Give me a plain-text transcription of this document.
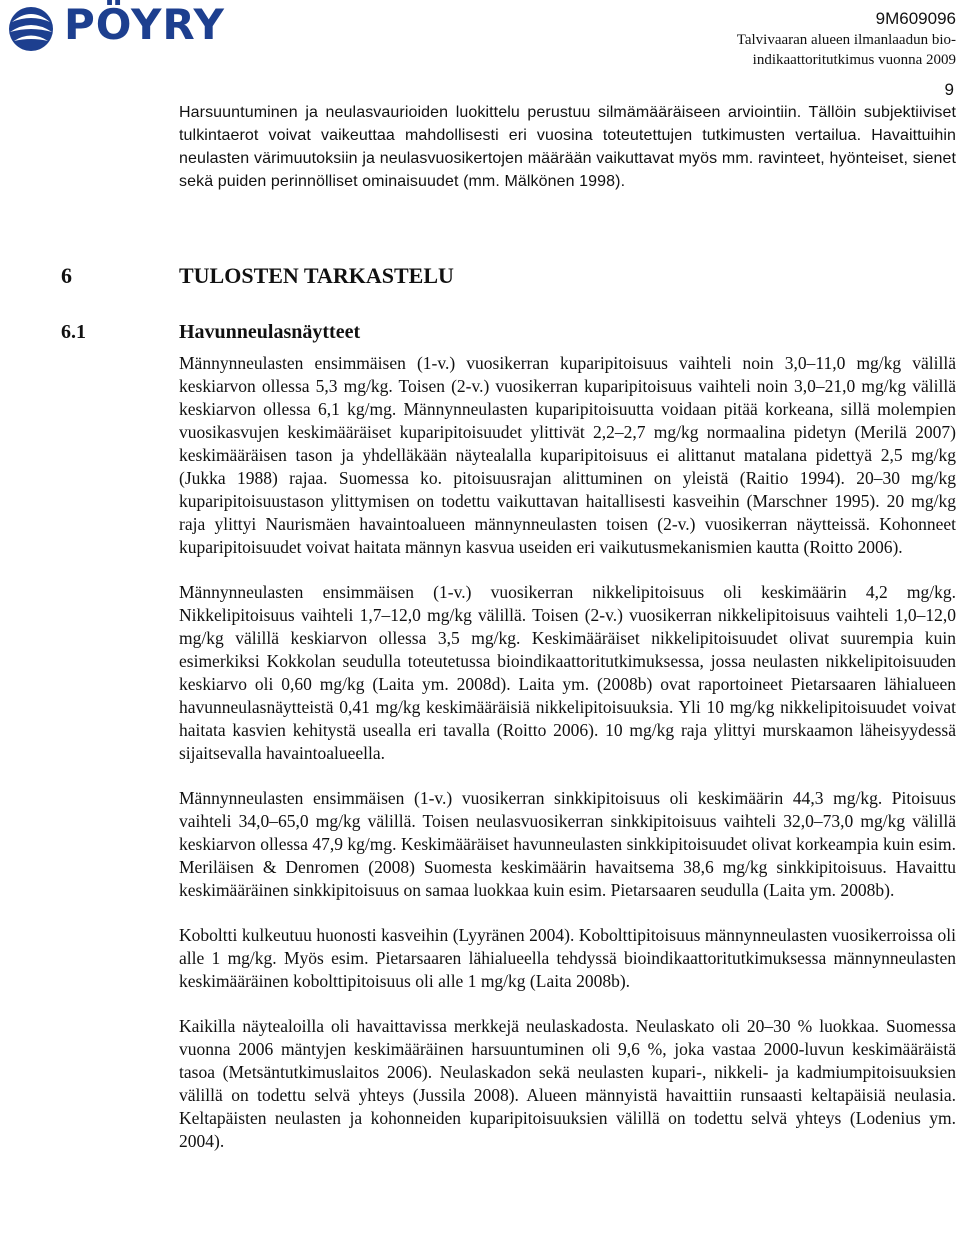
PÖYRY	9M609096
Talvivaaran alueen ilmanlaadun bio-
indikaattoritutkimus vuonna 2009
9

Harsuuntuminen ja neulasvaurioiden luokittelu perustuu silmämääräiseen arviointiin. Tällöin subjektiiviset tulkintaerot voivat vaikeuttaa mahdollisesti eri vuosina toteutettujen tutkimusten vertailua. Havaittuihin neulasten värimuutoksiin ja neulasvuosikertojen määrään vaikuttavat myös mm. ravinteet, hyönteiset, sienet sekä puiden perinnölliset ominaisuudet (mm. Mälkönen 1998).

6	TULOSTEN TARKASTELU
6.1	Havunneulasnäytteet

Männynneulasten ensimmäisen (1-v.) vuosikerran kuparipitoisuus vaihteli noin 3,0‒11,0 mg/kg välillä keskiarvon ollessa 5,3 mg/kg. Toisen (2-v.) vuosikerran kuparipitoisuus vaihteli noin 3,0‒21,0 mg/kg välillä keskiarvon ollessa 6,1 kg/mg. Männynneulasten kuparipitoisuutta voidaan pitää korkeana, sillä molempien vuosikasvujen keskimääräiset kuparipitoisuudet ylittivät 2,2‒2,7 mg/kg normaalina pidetyn (Merilä 2007) keskimääräisen tason ja yhdelläkään näytealalla kuparipitoisuus ei alittanut matalana pidettyä 2,5 mg/kg (Jukka 1988) rajaa. Suomessa ko. pitoisuusrajan alittuminen on yleistä (Raitio 1994). 20‒30 mg/kg kuparipitoisuustason ylittymisen on todettu vaikuttavan haitallisesti kasveihin (Marschner 1995). 20 mg/kg raja ylittyi Naurismäen havaintoalueen männynneulasten toisen (2-v.) vuosikerran näytteissä. Kohonneet kuparipitoisuudet voivat haitata männyn kasvua useiden eri vaikutusmekanismien kautta (Roitto 2006).

Männynneulasten ensimmäisen (1-v.) vuosikerran nikkelipitoisuus oli keskimäärin 4,2 mg/kg. Nikkelipitoisuus vaihteli 1,7‒12,0 mg/kg välillä. Toisen (2-v.) vuosikerran nikkelipitoisuus vaihteli 1,0‒12,0 mg/kg välillä keskiarvon ollessa 3,5 mg/kg. Keskimääräiset nikkelipitoisuudet olivat suurempia kuin esimerkiksi Kokkolan seudulla toteutetussa bioindikaattoritutkimuksessa, jossa neulasten nikkelipitoisuuden keskiarvo oli 0,60 mg/kg (Laita ym. 2008d). Laita ym. (2008b) ovat raportoineet Pietarsaaren lähialueen havunneulasnäytteistä 0,41 mg/kg keskimääräisiä nikkelipitoisuuksia. Yli 10 mg/kg nikkelipitoisuudet voivat haitata kasvien kehitystä usealla eri tavalla (Roitto 2006). 10 mg/kg raja ylittyi murskaamon läheisyydessä sijaitsevalla havaintoalueella.

Männynneulasten ensimmäisen (1-v.) vuosikerran sinkkipitoisuus oli keskimäärin 44,3 mg/kg. Pitoisuus vaihteli 34,0‒65,0 mg/kg välillä. Toisen neulasvuosikerran sinkkipitoisuus vaihteli 32,0‒73,0 mg/kg välillä keskiarvon ollessa 47,9 kg/mg. Keskimääräiset havunneulasten sinkkipitoisuudet olivat korkeampia kuin esim. Meriläisen & Denromen (2008) Suomesta keskimäärin havaitsema 38,6 mg/kg sinkkipitoisuus. Havaittu keskimääräinen sinkkipitoisuus on samaa luokkaa kuin esim. Pietarsaaren seudulla (Laita ym. 2008b).

Koboltti kulkeutuu huonosti kasveihin (Lyyränen 2004). Kobolttipitoisuus männynneulasten vuosikerroissa oli alle 1 mg/kg. Myös esim. Pietarsaaren lähialueella tehdyssä bioindikaattoritutkimuksessa männynneulasten keskimääräinen kobolttipitoisuus oli alle 1 mg/kg (Laita 2008b).

Kaikilla näytealoilla oli havaittavissa merkkejä neulaskadosta. Neulaskato oli 20‒30 % luokkaa. Suomessa vuonna 2006 mäntyjen keskimääräinen harsuuntuminen oli 9,6 %, joka vastaa 2000-luvun keskimääräistä tasoa (Metsäntutkimuslaitos 2006). Neulaskadon sekä neulasten kupari-, nikkeli- ja kadmiumpitoisuuksien välillä on todettu selvä yhteys (Jussila 2008). Alueen männyistä havaittiin runsaasti keltapäisiä neulasia. Keltapäisten neulasten ja kohonneiden kuparipitoisuuksien välillä on todettu selvä yhteys (Lodenius ym. 2004).
